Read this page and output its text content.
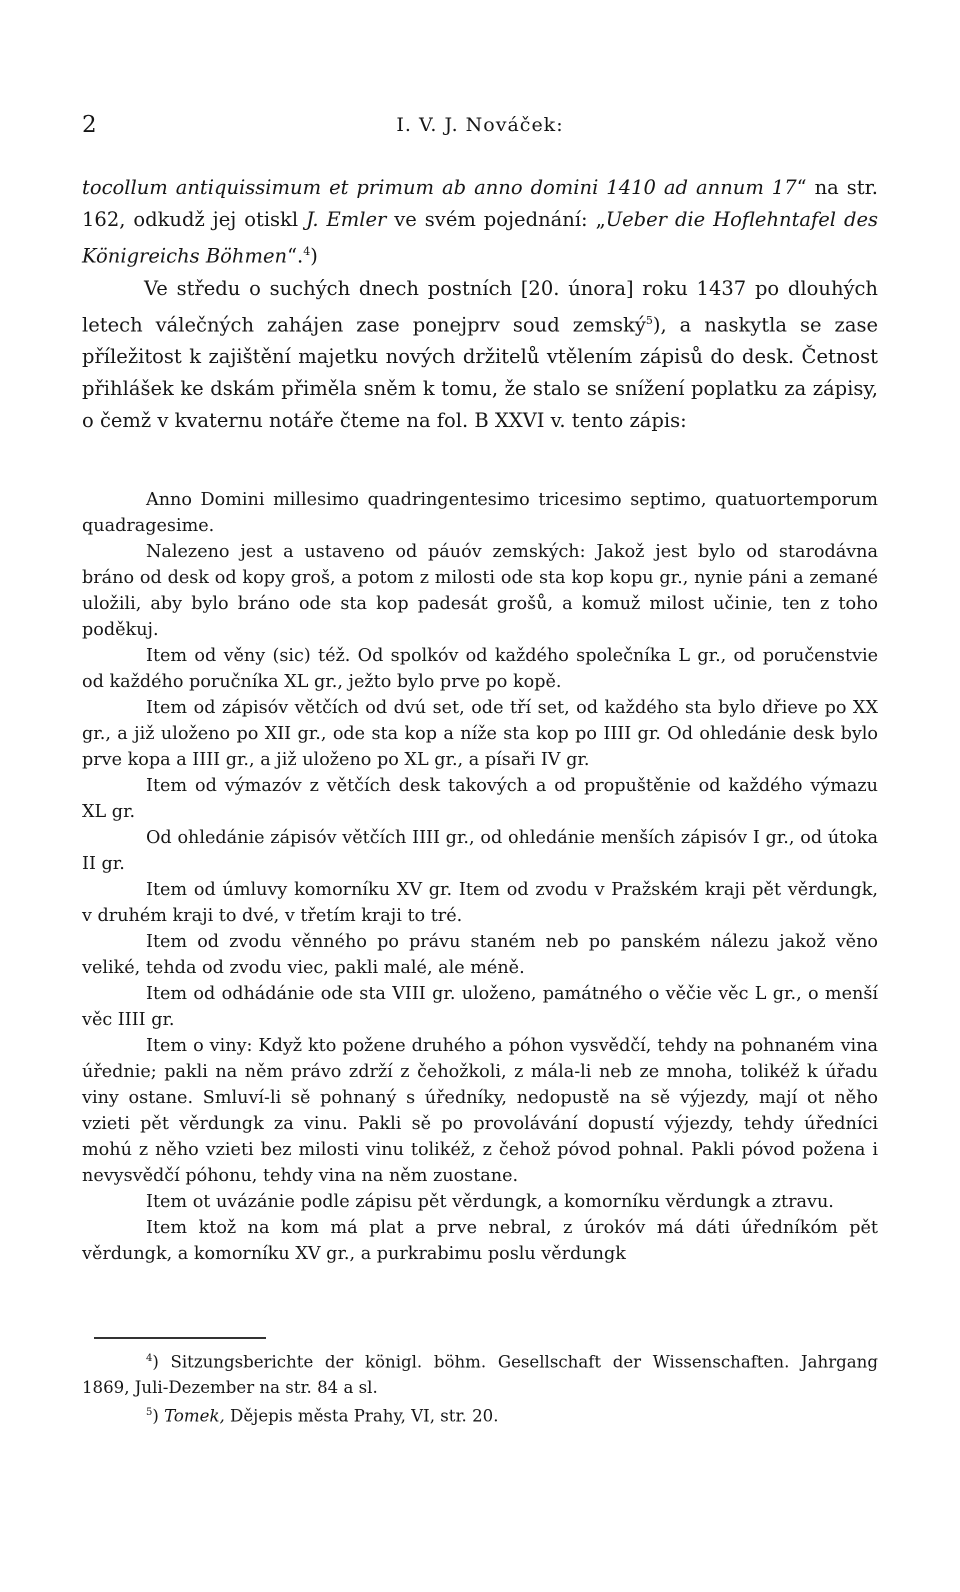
2	I. V. J. Nováček:

tocollum antiquissimum et primum ab anno domini 1410 ad annum 17“ na str. 162, odkudž jej otiskl J. Emler ve svém pojednání: „Ueber die Hoflehntafel des Königreichs Böhmen“.$^4$)

Ve středu o suchých dnech postních [20. února] roku 1437 po dlouhých letech válečných zahájen zase ponejprv soud zemský$^5$), a naskytla se zase příležitost k zajištění majetku nových držitelů vtělením zápisů do desk. Četnost přihlášek ke dskám přiměla sněm k tomu, že stalo se snížení poplatku za zápisy, o čemž v kvaternu notáře čteme na fol. B XXVI v. tento zápis:

Anno Domini millesimo quadringentesimo tricesimo septimo, quatuortemporum quadragesime.

Nalezeno jest a ustaveno od páuóv zemských: Jakož jest bylo od starodávna bráno od desk od kopy groš, a potom z milosti ode sta kop kopu gr., nynie páni a zemané uložili, aby bylo bráno ode sta kop padesát grošů, a komuž milost učinie, ten z toho poděkuj.

Item od věny (sic) též. Od spolkóv od každého společníka L gr., od poručenstvie od každého poručníka XL gr., ježto bylo prve po kopě.

Item od zápisóv větčích od dvú set, ode tří set, od každého sta bylo dřieve po XX gr., a již uloženo po XII gr., ode sta kop a níže sta kop po IIII gr. Od ohledánie desk bylo prve kopa a IIII gr., a již uloženo po XL gr., a písaři IV gr.

Item od výmazóv z větčích desk takových a od propuštěnie od každého výmazu XL gr.

Od ohledánie zápisóv větčích IIII gr., od ohledánie menších zápisóv I gr., od útoka II gr.

Item od úmluvy komorníku XV gr. Item od zvodu v Pražském kraji pět věrdungk, v druhém kraji to dvé, v třetím kraji to tré.

Item od zvodu věnného po právu staném neb po panském nálezu jakož věno veliké, tehda od zvodu viec, pakli malé, ale méně.

Item od odhádánie ode sta VIII gr. uloženo, památného o věčie věc L gr., o menší věc IIII gr.

Item o viny: Když kto požene druhého a póhon vysvědčí, tehdy na pohnaném vina úřednie; pakli na něm právo zdrží z čehožkoli, z mála-li neb ze mnoha, tolikéž k úřadu viny ostane. Smluví-li sě pohnaný s úředníky, nedopustě na sě výjezdy, mají ot něho vzieti pět věrdungk za vinu. Pakli sě po provolávání dopustí výjezdy, tehdy úředníci mohú z něho vzieti bez milosti vinu tolikéž, z čehož póvod pohnal. Pakli póvod požena i nevysvědčí póhonu, tehdy vina na něm zuostane.

Item ot uvázánie podle zápisu pět věrdungk, a komorníku věrdungk a ztravu.

Item ktož na kom má plat a prve nebral, z úrokóv má dáti úředníkóm pět věrdungk, a komorníku XV gr., a purkrabimu poslu věrdungk

$^4$) Sitzungsberichte der königl. böhm. Gesellschaft der Wissenschaften. Jahrgang 1869, Juli-Dezember na str. 84 a sl.

$^5$) Tomek, Dějepis města Prahy, VI, str. 20.
